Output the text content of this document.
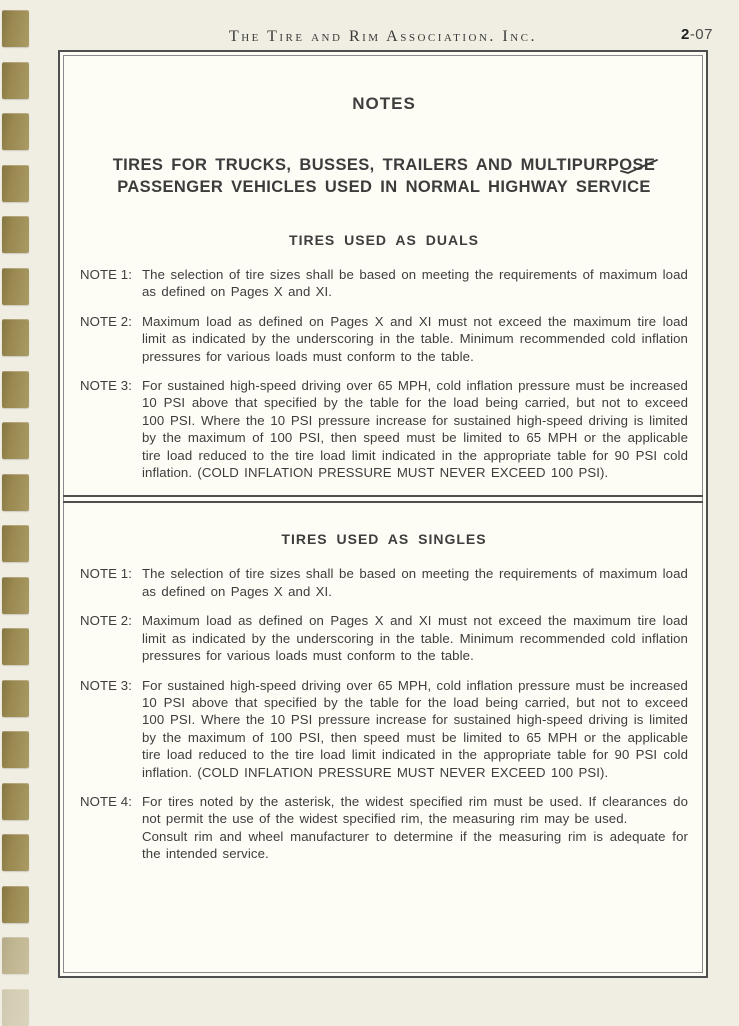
The Tire and Rim Association. Inc.	2-07
NOTES
TIRES FOR TRUCKS, BUSSES, TRAILERS AND MULTIPURPOSE
PASSENGER VEHICLES USED IN NORMAL HIGHWAY SERVICE
TIRES USED AS DUALS
NOTE 1: The selection of tire sizes shall be based on meeting the requirements of maximum load as defined on Pages X and XI.
NOTE 2: Maximum load as defined on Pages X and XI must not exceed the maximum tire load limit as indicated by the underscoring in the table. Minimum recommended cold inflation pressures for various loads must conform to the table.
NOTE 3: For sustained high-speed driving over 65 MPH, cold inflation pressure must be increased 10 PSI above that specified by the table for the load being carried, but not to exceed 100 PSI. Where the 10 PSI pressure increase for sustained high-speed driving is limited by the maximum of 100 PSI, then speed must be limited to 65 MPH or the applicable tire load reduced to the tire load limit indicated in the appropriate table for 90 PSI cold inflation. (COLD INFLATION PRESSURE MUST NEVER EXCEED 100 PSI).
TIRES USED AS SINGLES
NOTE 1: The selection of tire sizes shall be based on meeting the requirements of maximum load as defined on Pages X and XI.
NOTE 2: Maximum load as defined on Pages X and XI must not exceed the maximum tire load limit as indicated by the underscoring in the table. Minimum recommended cold inflation pressures for various loads must conform to the table.
NOTE 3: For sustained high-speed driving over 65 MPH, cold inflation pressure must be increased 10 PSI above that specified by the table for the load being carried, but not to exceed 100 PSI. Where the 10 PSI pressure increase for sustained high-speed driving is limited by the maximum of 100 PSI, then speed must be limited to 65 MPH or the applicable tire load reduced to the tire load limit indicated in the appropriate table for 90 PSI cold inflation. (COLD INFLATION PRESSURE MUST NEVER EXCEED 100 PSI).
NOTE 4: For tires noted by the asterisk, the widest specified rim must be used. If clearances do not permit the use of the widest specified rim, the measuring rim may be used.
Consult rim and wheel manufacturer to determine if the measuring rim is adequate for the intended service.
